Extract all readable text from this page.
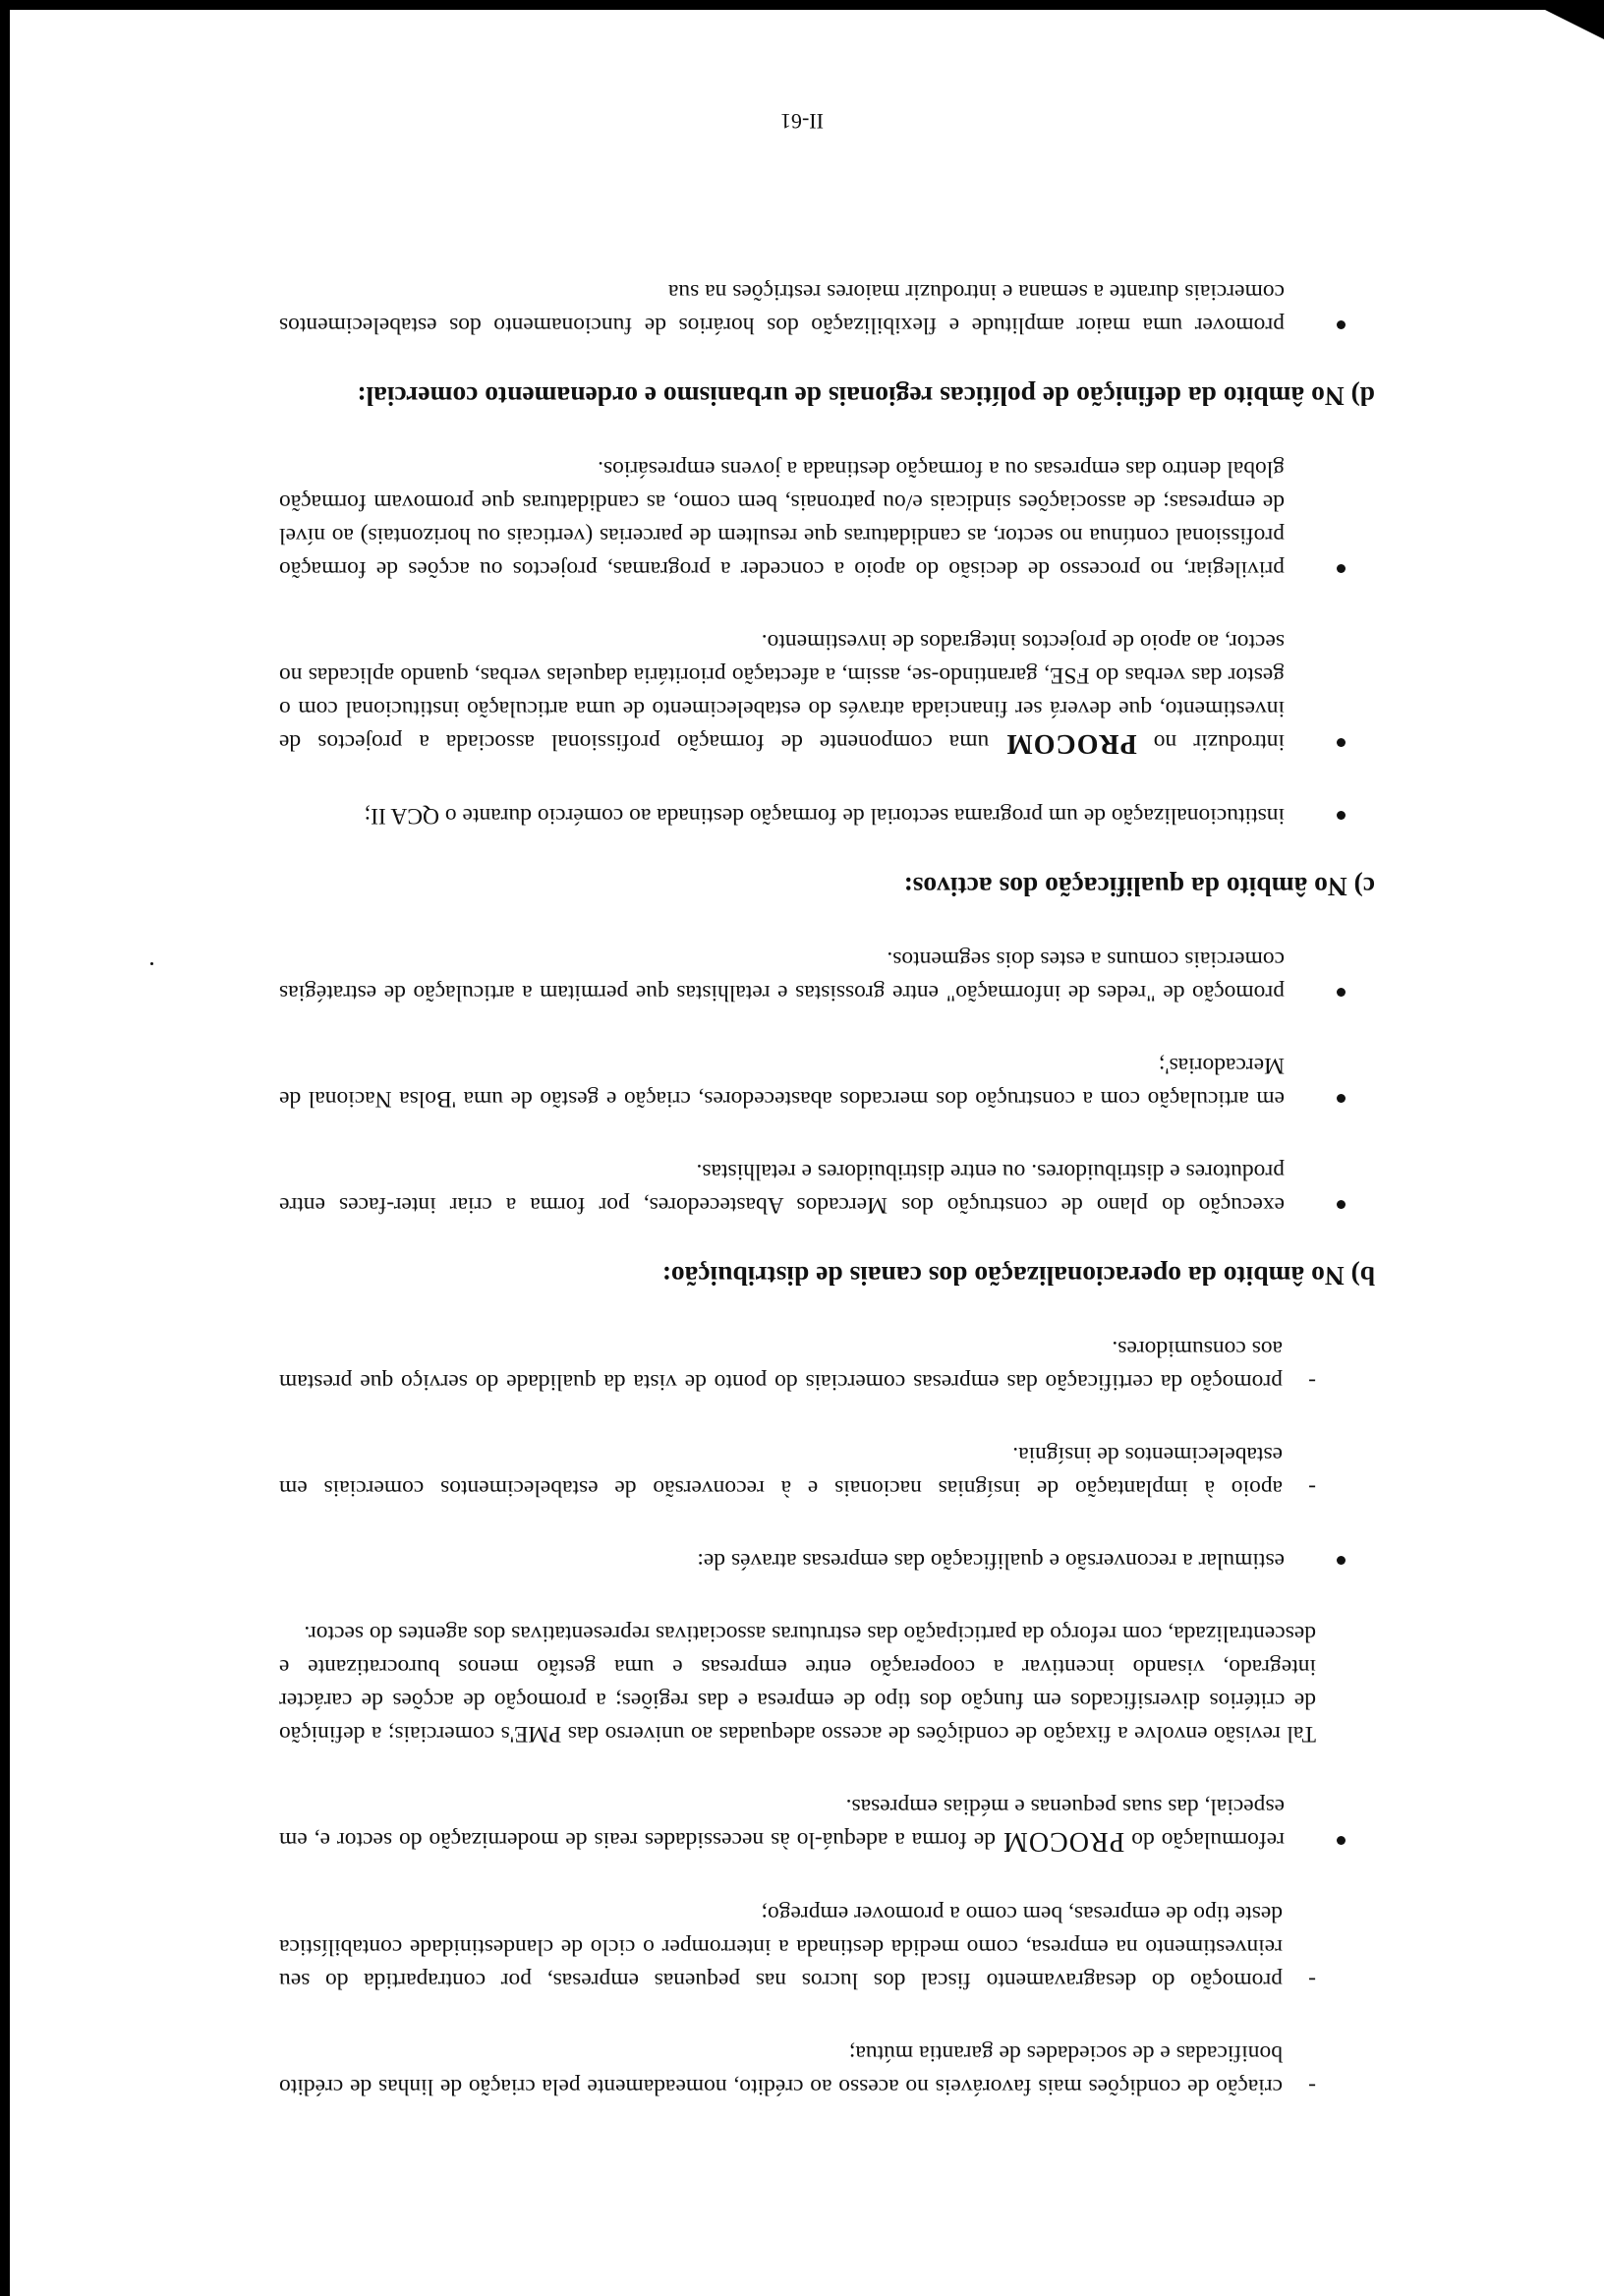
-criação de condições mais favoráveis no acesso ao crédito, nomeadamente pela criação de linhas de crédito bonificadas e de sociedades de garantia mútua;

-promoção do desagravamento fiscal dos lucros nas pequenas empresas, por contrapartida do seu reinvestimento na empresa, como medida destinada a interromper o ciclo de clandestinidade contabilística deste tipo de empresas, bem como a promover emprego;

reformulação do PROCOM de forma a adequá-lo às necessidades reais de modernização do sector e, em especial, das suas pequenas e médias empresas.

Tal revisão envolve a fixação de condições de acesso adequadas ao universo das PME's comerciais; a definição de critérios diversificados em função dos tipo de empresa e das regiões; a promoção de acções de carácter integrado, visando incentivar a cooperação entre empresas e uma gestão menos burocratizante e descentralizada, com reforço da participação das estruturas associativas representativas dos agentes do sector.

estimular a reconversão e qualificação das empresas através de:

-apoio à implantação de insígnias nacionais e à reconversão de estabelecimentos comerciais em estabelecimentos de insígnia.

-promoção da certificação das empresas comerciais do ponto de vista da qualidade do serviço que prestam aos consumidores.

b) No âmbito da operacionalização dos canais de distribuição:
execução do plano de construção dos Mercados Abastecedores, por forma a criar inter-faces entre produtores e distribuidores. ou entre distribuidores e retalhistas.
em articulação com a construção dos mercados abastecedores, criação e gestão de uma 'Bolsa Nacional de Mercadorias';
promoção de "redes de informação" entre grossistas e retalhistas que permitam a articulação de estratégias comerciais comuns a estes dois segmentos.
c) No âmbito da qualificação dos activos:
institucionalização de um programa sectorial de formação destinada ao comércio durante o QCA II;
introduzir no PROCOM uma componente de formação profissional associada a projectos de investimento, que deverá ser financiada através do estabelecimento de uma articulação institucional com o gestor das verbas do FSE, garantindo-se, assim, a afectação prioritária daquelas verbas, quando aplicadas no sector, ao apoio de projectos integrados de investimento.
privilegiar, no processo de decisão do apoio a conceder a programas, projectos ou acções de formação profissional contínua no sector, as candidaturas que resultem de parcerias (verticais ou horizontais) ao nível de empresas; de associações sindicais e/ou patronais, bem como, as candidaturas que promovam formação global dentro das empresas ou a formação destinada a jovens empresários.
d) No âmbito da definição de políticas regionais de urbanismo e ordenamento comercial:
promover uma maior amplitude e flexibilização dos horários de funcionamento dos estabelecimentos comerciais durante a semana e introduzir maiores restrições na sua
II-61
